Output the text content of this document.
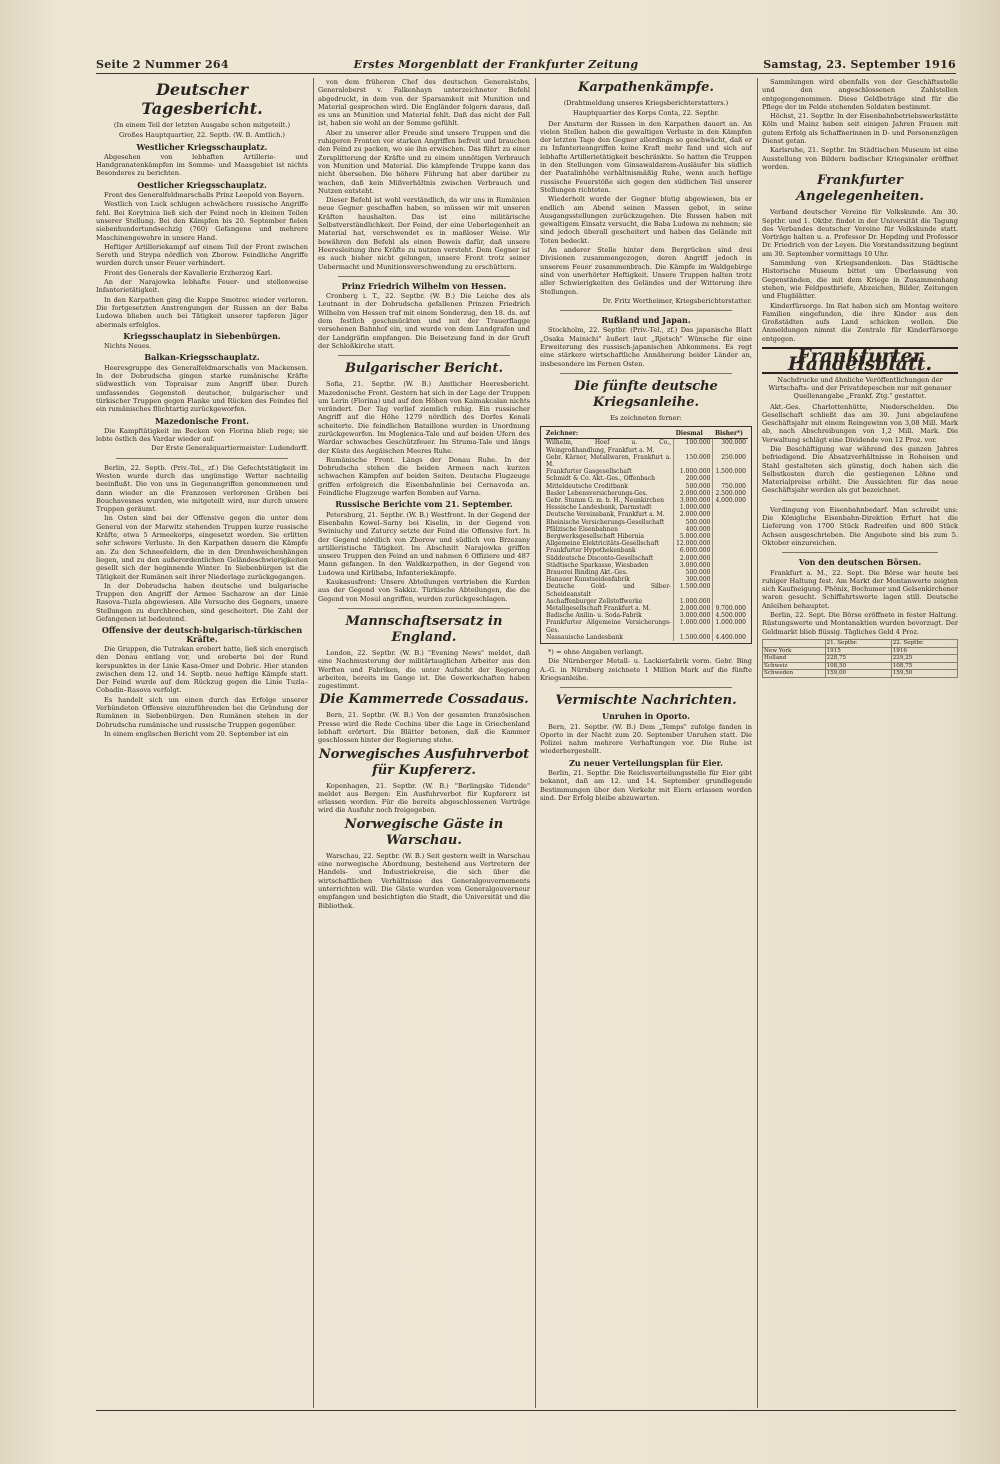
Seite 2 Nummer 264	Erstes Morgenblatt der Frankfurter Zeitung	Samstag, 23. September 1916
Deutscher Tagesbericht.
(In einem Teil der letzten Ausgabe schon mitgeteilt.)
Großes Hauptquartier, 22. Septb. (W. B. Amtlich.)
Westlicher Kriegsschauplatz.

Abgesehen von lebhaften Artillerie- und Handgranatenkämpfen im Somme- und Maasgebiet ist nichts Besonderes zu berichten.

Oestlicher Kriegsschauplatz.

Front des Generalfeldmarschalls Prinz Leopold von Bayern.

Westlich von Luck schlugen schwächere russische Angriffe fehl. Bei Korytnica ließ sich der Feind noch in kleinen Teilen unserer Stellung. Bei den Kämpfen bis 20. September fielen siebenhundertundsechzig (760) Gefangene und mehrere Maschinengewehre in unsere Hand.

Heftiger Artilleriekampf auf einem Teil der Front zwischen Sereth und Strypa nördlich von Zborow. Feindliche Angriffe wurden durch unser Feuer verhindert.

Front des Generals der Kavallerie Erzherzog Karl.

An der Narajowka lebhafte Feuer- und stellenweise Infanterietätigkeit.

In den Karpathen ging die Kuppe Smotrec wieder verloren. Die fortgesetzten Anstrengungen der Russen an der Baba Ludowa blieben auch bei Tätigkeit unserer tapferen Jäger abermals erfolglos.

Kriegsschauplatz in Siebenbürgen.

Nichts Neues.

Balkan-Kriegsschauplatz.

Heeresgruppe des Generalfeldmarschalls von Mackensen. In der Dobrudscha gingen starke rumänische Kräfte südwestlich von Topraisar zum Angriff über. Durch umfassendes Gegenstoß deutscher, bulgarischer und türkischer Truppen gegen Flanke und Rücken des Feindes fiel ein rumänisches flüchtartig zurückgeworfen.

Mazedonische Front.

Die Kampftätigkeit im Becken von Florina blieb rege; sie lebte östlich des Vardar wieder auf.

Der Erste Generalquartiermeister: Ludendorff.

Berlin, 22. Septb. (Priv.-Tel., zf.) Die Gefechtstätigkeit im Westen wurde durch das ungünstige Wetter nachteilig beeinflußt. Die von uns in Gegenangriffen genommenen und dann wieder an die Franzosen verlorenen Gräben bei Bouchavesnes wurden, wie mitgeteilt wird, nur durch unsere Truppen geräumt.

Im Osten sind bei der Offensive gegen die unter dem General von der Marwitz stehenden Truppen kurze russische Kräfte, etwa 5 Armeekorps, eingesetzt worden. Sie erlitten sehr schwere Verluste. In den Karpathen dauern die Kämpfe an. Zu den Schneefeldern, die in den Drenhweichenhängen liegen, und zu den außerordentlichen Geländeschwierigkeiten gesellt sich der beginnende Winter. In Siebenbürgen ist die Tätigkeit der Rumänen seit ihrer Niederlage zurückgegangen.

In der Dobrudscha haben deutsche und bulgarische Truppen den Angriff der Armee Sacharow an der Linie Rasova–Tuzla abgewiesen. Alle Versuche des Gegners, unsere Stellungen zu durchbrechen, sind gescheitert. Die Zahl der Gefangenen ist bedeutend.

Offensive der deutsch-bulgarisch-türkischen Kräfte.

Die Gruppen, die Tutrakan erobert hatte, ließ sich energisch den Donau entlang vor, und eroberte bei der Rund kerspunktes in der Linie Kasa-Omer und Dobric. Hier standen zwischen dem 12. und 14. Septb. neue heftige Kämpfe statt. Der Feind wurde auf dem Rückzug gegen die Linie Tuzla–Cobadin–Rasova verfolgt.

Es handelt sich um einen durch das Erfolge unserer Verbündeten Offensive einzuführenden bei die Gründung der Rumänen in Siebenbürgen. Den Rumänen stehen in der Dobrudscha rumänische und russische Truppen gegenüber.

In einem englischen Bericht vom 20. September ist ein

von dem früheren Chef des deutschen Generalstabs, Generaloberst v. Falkenhayn unterzeichneter Befehl abgedruckt, in dem von der Sparsamkeit mit Munition und Material gesprochen wird. Die Engländer folgern daraus, daß es uns an Munition und Material fehlt. Daß das nicht der Fall ist, haben sie wohl an der Somme gefühlt.

Aber zu unserer aller Freude sind unsere Truppen und die ruhigeren Fronten vor starken Angriffen befreit und brauchen den Feind zu packen, wo sie ihn erwischen. Das führt zu einer Zersplitterung der Kräfte und zu einem unnötigen Verbrauch von Munition und Material. Die kämpfende Truppe kann das nicht übersehen. Die höhere Führung hat aber darüber zu wachen, daß kein Mißverhältnis zwischen Verbrauch und Nutzen entsteht.

Dieser Befehl ist wohl verständlich, da wir uns in Rumänien neue Gegner geschaffen haben, so müssen wir mit unseren Kräften haushalten. Das ist eine militärische Selbstverständlichkeit. Der Feind, der eine Ueberlegenheit an Material hat, verschwendet es in maßloser Weise. Wir bewähren den Befehl als einen Beweis dafür, daß unsere Heeresleitung ihre Kräfte zu nutzen versteht. Dem Gegner ist es auch bisher nicht gelungen, unsere Front trotz seiner Uebermacht und Munitionsverschwendung zu erschüttern.

Prinz Friedrich Wilhelm von Hessen.

Cronberg i. T., 22. Septbr. (W. B.) Die Leiche des als Leutnant in der Dobrudscha gefallenen Prinzen Friedrich Wilhelm von Hessen traf mit einem Sonderzug, den 18. ds. auf dem festlich geschmückten und mit der Trauerflagge versehenen Bahnhof ein, und wurde von dem Landgrafen und der Landgräfin empfangen. Die Beisetzung fand in der Gruft der Schloßkirche statt.

Bulgarischer Bericht.

Sofia, 21. Septbr. (W. B.) Amtlicher Heeresbericht. Mazedonische Front. Gestern hat sich in der Lage der Truppen um Lerin (Florina) und auf den Höhen von Kaimakcalan nichts verändert. Der Tag verlief ziemlich ruhig. Ein russischer Angriff auf die Höhe 1279 nördlich des Dorfes Kenali scheiterte. Die feindlichen Bataillone wurden in Unordnung zurückgeworfen. Im Moglenica-Tale und auf beiden Ufern des Wardar schwaches Geschützfeuer. Im Struma-Tale und längs der Küste des Aegäischen Meeres Ruhe.

Rumänische Front. Längs der Donau Ruhe. In der Dobrudscha stehen die beiden Armeen nach kurzen schwachen Kämpfen auf beiden Seiten. Deutsche Flugzeuge griffen erfolgreich die Eisenbahnlinie bei Cernavoda an. Feindliche Flugzeuge warfen Bomben auf Varna.

Russische Berichte vom 21. September.

Petersburg, 21. Septbr. (W. B.) Westfront. In der Gegend der Eisenbahn Kowel–Sarny bei Kiselin, in der Gegend von Swiniuchy und Zaturcy setzte der Feind die Offensive fort. In der Gegend nördlich von Zborow und südlich von Brzezany artilleristische Tätigkeit. Im Abschnitt Narajowka griffen unsere Truppen den Feind an und nahmen 6 Offiziere und 487 Mann gefangen. In den Waldkarpathen, in der Gegend von Ludowa und Kirlibaba, Infanteriekämpfe.

Kaukasusfront: Unsere Abteilungen vertrieben die Kurden aus der Gegend von Sakkiz. Türkische Abteilungen, die die Gegend von Mosul angriffen, wurden zurückgeschlagen.

Mannschaftsersatz in England.

London, 22. Septbr. (W. B.) "Evening News" meldet, daß eine Nachmusterung der militärtauglichen Arbeiter aus den Werften und Fabriken, die unter Aufsicht der Regierung arbeiten, bereits im Gange ist. Die Gewerkschaften haben zugestimmt.

Die Kammerrede Cossadaus.

Bern, 21. Septbr. (W. B.) Von der gesamten französischen Presse wird die Rede Cochins über die Lage in Griechenland lebhaft erörtert. Die Blätter betonen, daß die Kammer geschlossen hinter der Regierung stehe.

Norwegisches Ausfuhrverbot für Kupfererz.

Kopenhagen, 21. Septbr. (W. B.) "Berlingske Tidende" meldet aus Bergen: Ein Ausfuhrverbot für Kupfererz ist erlassen worden. Für die bereits abgeschlossenen Verträge wird die Ausfuhr noch freigegeben.

Norwegische Gäste in Warschau.

Warschau, 22. Septbr. (W. B.) Seit gestern weilt in Warschau eine norwegische Abordnung, bestehend aus Vertretern der Handels- und Industriekreise, die sich über die wirtschaftlichen Verhältnisse des Generalgouvernements unterrichten will. Die Gäste wurden vom Generalgouverneur empfangen und besichtigten die Stadt, die Universität und die Bibliothek.

Karpathenkämpfe.
(Drahtmeldung unseres Kriegsberichterstatters.)
Hauptquartier des Korps Conta, 22. Septbr.

Der Ansturm der Russen in den Karpathen dauert an. An vielen Stellen haben die gewaltigen Verluste in den Kämpfen der letzten Tage den Gegner allerdings so geschwächt, daß er zu Infanterieangriffen keine Kraft mehr fand und sich auf lebhafte Artillerietätigkeit beschränkte. So hatten die Truppen in den Stellungen vom Ginsawaldarem-Ausläufer bis südlich der Paatalinhöhe verhältnismäßig Ruhe, wenn auch heftige russische Feuerstöße sich gegen den südlichen Teil unserer Stellungen richteten.

Wiederholt wurde der Gegner blutig abgewiesen, bis er endlich am Abend seinen Massen gebot, in seine Ausgangsstellungen zurückzugehen. Die Russen haben mit gewaltigem Einsatz versucht, die Baba Ludowa zu nehmen; sie sind jedoch überall gescheitert und haben das Gelände mit Toten bedeckt.

An anderer Stelle hinter dem Bergrücken sind drei Divisionen zusammengezogen, deren Angriff jedoch in unserem Feuer zusammenbrach. Die Kämpfe im Waldgebirge sind von unerhörter Heftigkeit. Unsere Truppen halten trotz aller Schwierigkeiten des Geländes und der Witterung ihre Stellungen.

Dr. Fritz Wertheimer, Kriegsberichterstatter.

Rußland und Japan.

Stockholm, 22. Septbr. (Priv.-Tel., zf.) Das japanische Blatt „Osaka Mainichi" äußert laut „Rjetsch" Wünsche für eine Erweiterung des russisch-japanischen Abkommens. Es regt eine stärkere wirtschaftliche Annäherung beider Länder an, insbesondere im Fernen Osten.

Die fünfte deutsche Kriegsanleihe.
Es zeichneten ferner:
Zeichner:	Diesmal	Bisher*)
Wilhelm, Hoef u. Co., Weingroßhandlung, Frankfurt a. M.	100.000	300.000
Gebr. Kärner, Metallwaren, Frankfurt a. M.	150.000	250.000
Frankfurter Gasgesellschaft	1.000.000	1.500.000
Schmidt & Co. Akt.-Ges., Offenbach	200.000	
Mitteldeutsche Creditbank	500.000	750.000
Basler Lebensversicherungs-Ges.	2.000.000	2.500.000
Gebr. Stumm G. m. b. H., Neunkirchen	3.000.000	4.000.000
Hessische Landesbank, Darmstadt	1.000.000	
Deutsche Vereinsbank, Frankfurt a. M.	2.000.000	
Rheinische Versicherungs-Gesellschaft	500.000	
Pfälzische Eisenbahnen	400.000	
Bergwerksgesellschaft Hibernia	5.000.000	
Allgemeine Elektricitäts-Gesellschaft	12.000.000	
Frankfurter Hypothekenbank	6.000.000	
Süddeutsche Disconto-Gesellschaft	2.000.000	
Städtische Sparkasse, Wiesbaden	3.000.000	
Brauerei Binding Akt.-Ges.	500.000	
Hanauer Kunstseidenfabrik	300.000	
Deutsche Gold- und Silber-Scheideanstalt	1.500.000	
Aschaffenburger Zellstoffwerke	1.000.000	
Metallgesellschaft Frankfurt a. M.	2.000.000	9.700.000
Badische Anilin- u. Soda-Fabrik	3.000.000	4.500.000
Frankfurter Allgemeine Versicherungs-Ges.	1.000.000	1.000.000
Nassauische Landesbank	1.500.000	4.400.000

*) = ohne Angaben verlangt.

Die Nürnberger Metall- u. Lackierfabrik vorm. Gebr. Bing A.-G. in Nürnberg zeichnete 1 Million Mark auf die fünfte Kriegsanleihe.

Vermischte Nachrichten.
Unruhen in Oporto.

Bern, 21. Septbr. (W. B.) Dem „Temps" zufolge fanden in Oporto in der Nacht zum 20. September Unruhen statt. Die Polizei nahm mehrere Verhaftungen vor. Die Ruhe ist wiederhergestellt.

Zu neuer Verteilungsplan für Eier.

Berlin, 21. Septbr. Die Reichsverteilungsstelle für Eier gibt bekannt, daß am 12. und 14. September grundlegende Bestimmungen über den Verkehr mit Eiern erlassen worden sind. Der Erfolg bleibe abzuwarten.

Sammlungen wird ebenfalls von der Geschäftsstelle und den angeschlossenen Zahlstellen entgegengenommen. Diese Geldbeträge sind für die Pflege der im Felde stehenden Soldaten bestimmt.

Höchst, 21. Septbr. In der Eisenbahnbetriebswerkstätte Köln und Mainz haben seit einigen Jahren Frauen mit gutem Erfolg als Schaffnerinnen in D- und Personenzügen Dienst getan.

Karlsruhe, 21. Septbr. Im Städtischen Museum ist eine Ausstellung von Bildern badischer Kriegsmaler eröffnet worden.

Frankfurter Angelegenheiten.

Verband deutscher Vereine für Volkskunde. Am 30. Septbr. und 1. Oktbr. findet in der Universität die Tagung des Verbandes deutscher Vereine für Volkskunde statt. Vorträge halten u. a. Professor Dr. Hepding und Professor Dr. Friedrich von der Leyen. Die Vorstandssitzung beginnt am 30. September vormittags 10 Uhr.

Sammlung von Kriegsandenken. Das Städtische Historische Museum bittet um Überlassung von Gegenständen, die mit dem Kriege in Zusammenhang stehen, wie Feldpostbriefe, Abzeichen, Bilder, Zeitungen und Flugblätter.

Kinderfürsorge. Im Rat haben sich am Montag weitere Familien eingefunden, die ihre Kinder aus den Großstädten aufs Land schicken wollen. Die Anmeldungen nimmt die Zentrale für Kinderfürsorge entgegen.

Frankfurter Handelsblatt.
Nachdrucke und ähnliche Veröffentlichungen der Wirtschafts- und der Privatdepeschen nur mit genauer Quellenangabe „Frankf. Ztg." gestattet.

Akt.-Ges. Charlottenhütte, Niederschelden. Die Gesellschaft schließt das am 30. Juni abgelaufene Geschäftsjahr mit einem Reingewinn von 3,08 Mill. Mark ab, nach Abschreibungen von 1,2 Mill. Mark. Die Verwaltung schlägt eine Dividende von 12 Proz. vor.

Die Beschäftigung war während des ganzen Jahres befriedigend. Die Absatzverhältnisse in Roheisen und Stahl gestalteten sich günstig, doch haben sich die Selbstkosten durch die gestiegenen Löhne und Materialpreise erhöht. Die Aussichten für das neue Geschäftsjahr werden als gut bezeichnet.

Verdingung von Eisenbahnbedarf. Man schreibt uns: Die Königliche Eisenbahn-Direktion Erfurt hat die Lieferung von 1700 Stück Radreifen und 800 Stück Achsen ausgeschrieben. Die Angebote sind bis zum 5. Oktober einzureichen.

Von den deutschen Börsen.

Frankfurt a. M., 22. Sept. Die Börse war heute bei ruhiger Haltung fest. Am Markt der Montanwerte zeigten sich Kaufneigung. Phönix, Bochumer und Gelsenkirchener waren gesucht. Schiffahrtswerte lagen still. Deutsche Anleihen behauptet.

Berlin, 22. Sept. Die Börse eröffnete in fester Haltung. Rüstungswerte und Montanaktien wurden bevorzugt. Der Geldmarkt blieb flüssig. Tägliches Geld 4 Proz.

	21. Septbr.	22. Septbr.
New York	1915	1916
Holland	228,75	229,25
Schweiz	108,50	108,75
Schweden	159,00	159,50
